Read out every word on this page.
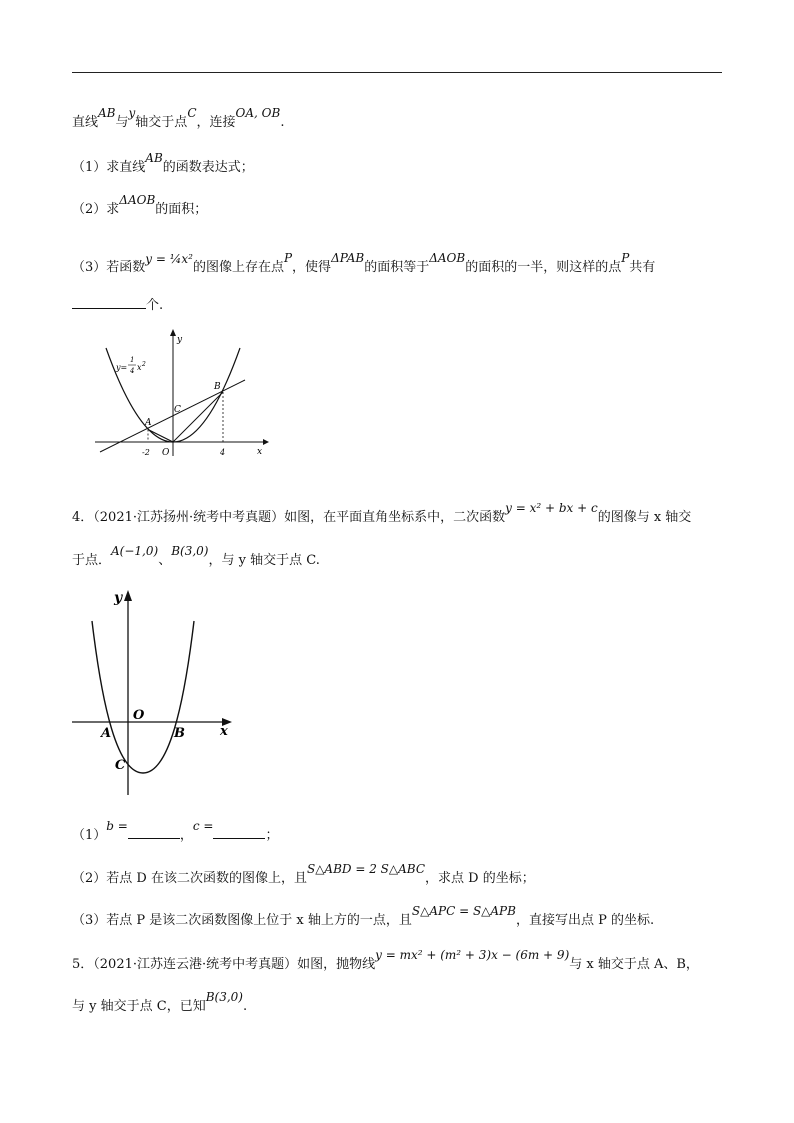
直线AB与y轴交于点C，连接OA, OB.
（1）求直线AB的函数表达式；
（2）求ΔAOB的面积；
（3）若函数y = ¼x²的图像上存在点P，使得ΔPAB的面积等于ΔAOB的面积的一半，则这样的点P共有
个.
y=
1
4 x 2
y
x
A
B
C
O
-2	4
4．（2021·江苏扬州·统考中考真题）如图，在平面直角坐标系中，二次函数y = x² + bx + c的图像与 x 轴交
于点．A(−1,0)、B(3,0)，与 y 轴交于点 C.
y
x
O
A	B
C
（1）b =，c =；
（2）若点 D 在该二次函数的图像上，且S△ABD = 2 S△ABC，求点 D 的坐标；
（3）若点 P 是该二次函数图像上位于 x 轴上方的一点，且S△APC = S△APB，直接写出点 P 的坐标.
5．（2021·江苏连云港·统考中考真题）如图，抛物线y = mx² + (m² + 3)x − (6m + 9)与 x 轴交于点 A、B，
与 y 轴交于点 C，已知B(3,0).
